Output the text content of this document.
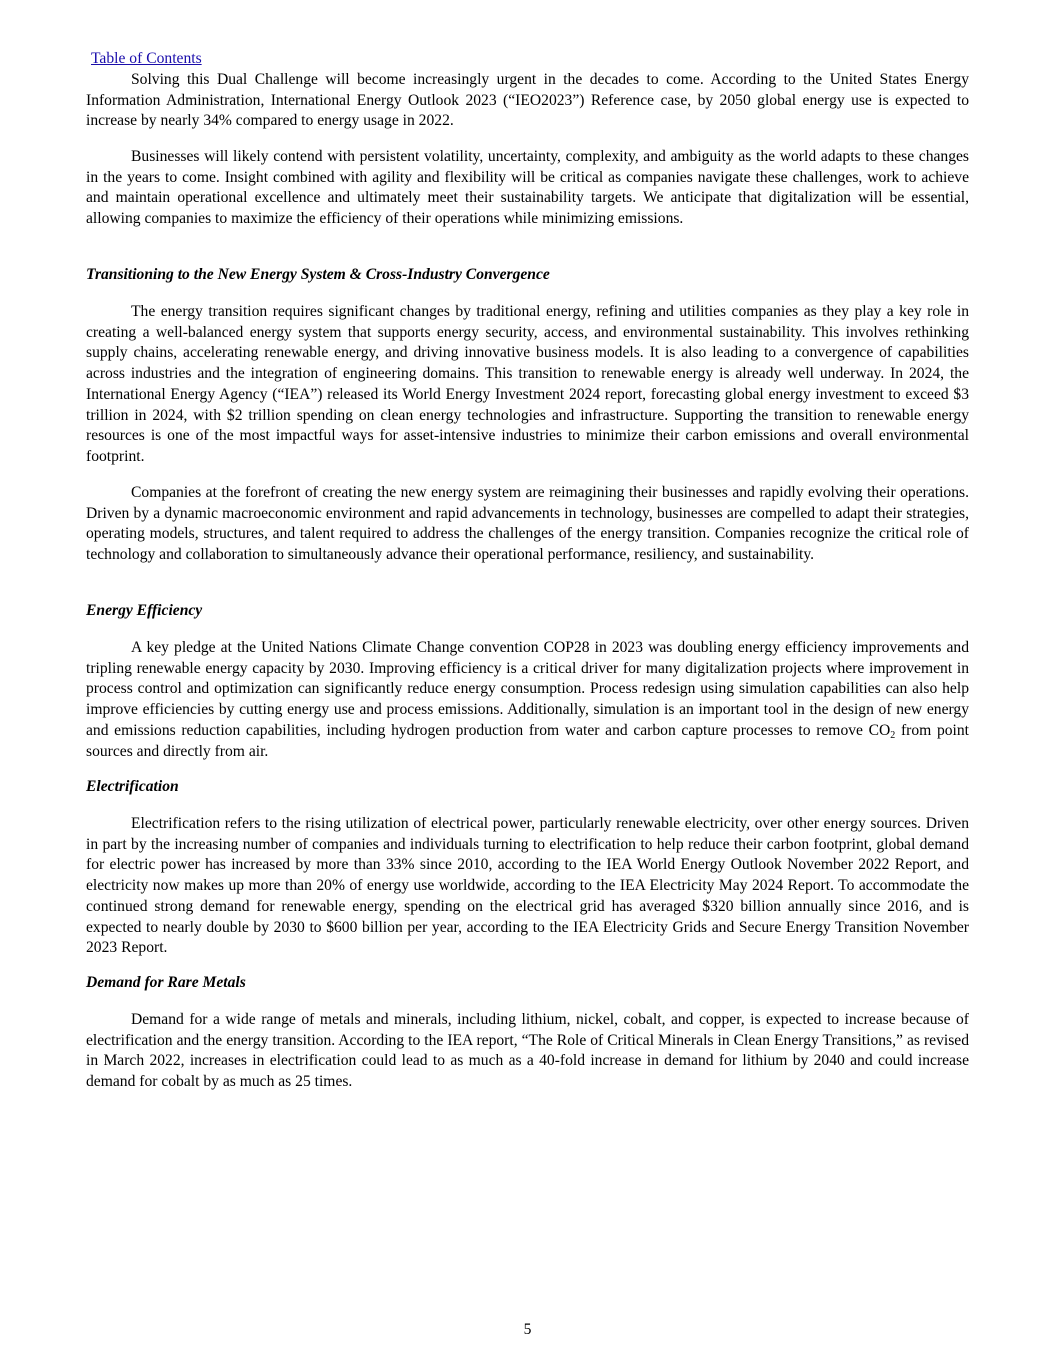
Table of Contents

Solving this Dual Challenge will become increasingly urgent in the decades to come. According to the United States Energy Information Administration, International Energy Outlook 2023 (“IEO2023”) Reference case, by 2050 global energy use is expected to increase by nearly 34% compared to energy usage in 2022.

Businesses will likely contend with persistent volatility, uncertainty, complexity, and ambiguity as the world adapts to these changes in the years to come. Insight combined with agility and flexibility will be critical as companies navigate these challenges, work to achieve and maintain operational excellence and ultimately meet their sustainability targets. We anticipate that digitalization will be essential, allowing companies to maximize the efficiency of their operations while minimizing emissions.

Transitioning to the New Energy System & Cross-Industry Convergence

The energy transition requires significant changes by traditional energy, refining and utilities companies as they play a key role in creating a well-balanced energy system that supports energy security, access, and environmental sustainability. This involves rethinking supply chains, accelerating renewable energy, and driving innovative business models. It is also leading to a convergence of capabilities across industries and the integration of engineering domains. This transition to renewable energy is already well underway. In 2024, the International Energy Agency (“IEA”) released its World Energy Investment 2024 report, forecasting global energy investment to exceed $3 trillion in 2024, with $2 trillion spending on clean energy technologies and infrastructure. Supporting the transition to renewable energy resources is one of the most impactful ways for asset-intensive industries to minimize their carbon emissions and overall environmental footprint.

Companies at the forefront of creating the new energy system are reimagining their businesses and rapidly evolving their operations. Driven by a dynamic macroeconomic environment and rapid advancements in technology, businesses are compelled to adapt their strategies, operating models, structures, and talent required to address the challenges of the energy transition. Companies recognize the critical role of technology and collaboration to simultaneously advance their operational performance, resiliency, and sustainability.

Energy Efficiency

A key pledge at the United Nations Climate Change convention COP28 in 2023 was doubling energy efficiency improvements and tripling renewable energy capacity by 2030. Improving efficiency is a critical driver for many digitalization projects where improvement in process control and optimization can significantly reduce energy consumption. Process redesign using simulation capabilities can also help improve efficiencies by cutting energy use and process emissions. Additionally, simulation is an important tool in the design of new energy and emissions reduction capabilities, including hydrogen production from water and carbon capture processes to remove $CO_2$ from point sources and directly from air.

Electrification

Electrification refers to the rising utilization of electrical power, particularly renewable electricity, over other energy sources. Driven in part by the increasing number of companies and individuals turning to electrification to help reduce their carbon footprint, global demand for electric power has increased by more than 33% since 2010, according to the IEA World Energy Outlook November 2022 Report, and electricity now makes up more than 20% of energy use worldwide, according to the IEA Electricity May 2024 Report. To accommodate the continued strong demand for renewable energy, spending on the electrical grid has averaged $320 billion annually since 2016, and is expected to nearly double by 2030 to $600 billion per year, according to the IEA Electricity Grids and Secure Energy Transition November 2023 Report.

Demand for Rare Metals

Demand for a wide range of metals and minerals, including lithium, nickel, cobalt, and copper, is expected to increase because of electrification and the energy transition. According to the IEA report, “The Role of Critical Minerals in Clean Energy Transitions,” as revised in March 2022, increases in electrification could lead to as much as a 40-fold increase in demand for lithium by 2040 and could increase demand for cobalt by as much as 25 times.

5
